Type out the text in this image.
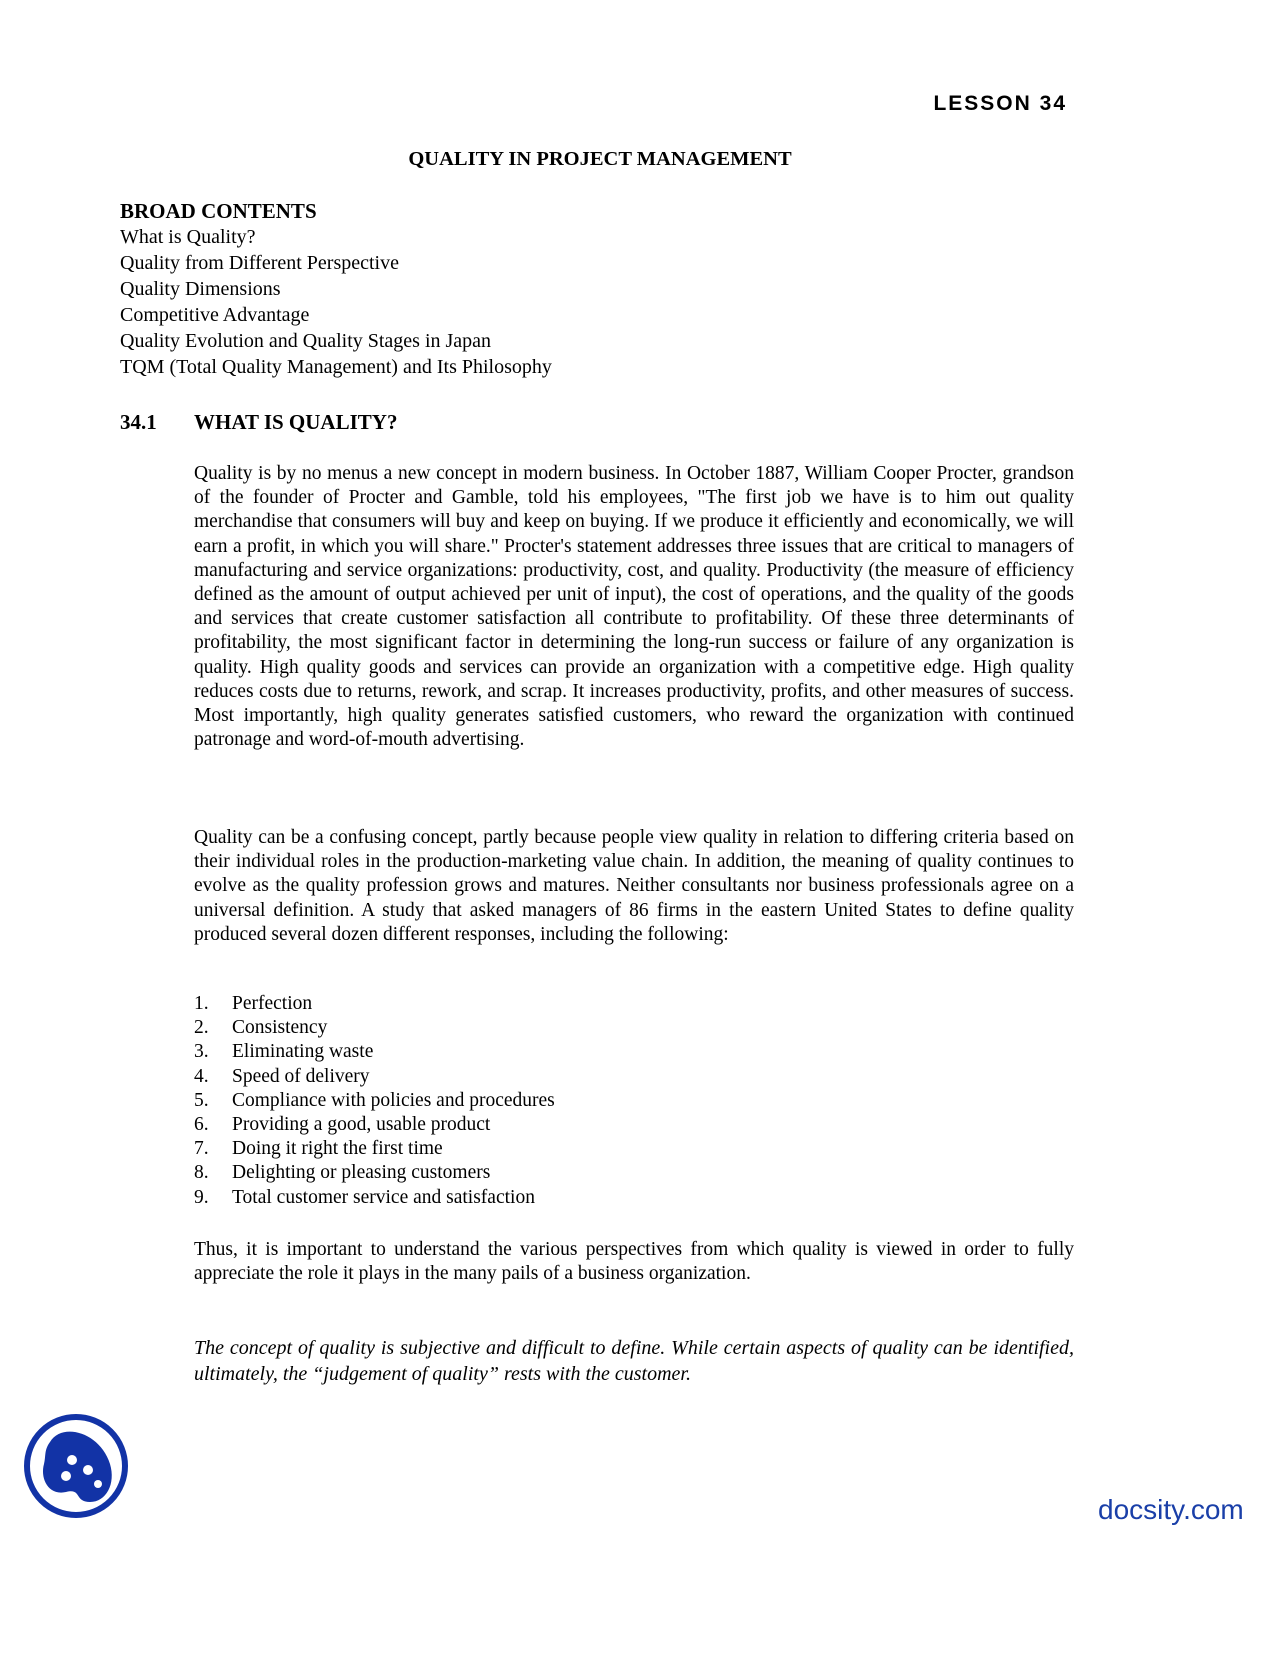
LESSON 34
QUALITY IN PROJECT MANAGEMENT
BROAD CONTENTS
What is Quality?
Quality from Different Perspective
Quality Dimensions
Competitive Advantage
Quality Evolution and Quality Stages in Japan
TQM (Total Quality Management) and Its Philosophy
34.1 WHAT IS QUALITY?
Quality is by no menus a new concept in modern business. In October 1887, William Cooper Procter, grandson of the founder of Procter and Gamble, told his employees, "The first job we have is to him out quality merchandise that consumers will buy and keep on buying. If we produce it efficiently and economically, we will earn a profit, in which you will share." Procter's statement addresses three issues that are critical to managers of manufacturing and service organizations: productivity, cost, and quality. Productivity (the measure of efficiency defined as the amount of output achieved per unit of input), the cost of operations, and the quality of the goods and services that create customer satisfaction all contribute to profitability. Of these three determinants of profitability, the most significant factor in determining the long-run success or failure of any organization is quality. High quality goods and services can provide an organization with a competitive edge. High quality reduces costs due to returns, rework, and scrap. It increases productivity, profits, and other measures of success. Most importantly, high quality generates satisfied customers, who reward the organization with continued patronage and word-of-mouth advertising.
Quality can be a confusing concept, partly because people view quality in relation to differing criteria based on their individual roles in the production-marketing value chain. In addition, the meaning of quality continues to evolve as the quality profession grows and matures. Neither consultants nor business professionals agree on a universal definition. A study that asked managers of 86 firms in the eastern United States to define quality produced several dozen different responses, including the following:
1.	Perfection
2.	Consistency
3.	Eliminating waste
4.	Speed of delivery
5.	Compliance with policies and procedures
6.	Providing a good, usable product
7.	Doing it right the first time
8.	Delighting or pleasing customers
9.	Total customer service and satisfaction
Thus, it is important to understand the various perspectives from which quality is viewed in order to fully appreciate the role it plays in the many pails of a business organization.
The concept of quality is subjective and difficult to define. While certain aspects of quality can be identified, ultimately, the “judgement of quality” rests with the customer.
docsity.com
